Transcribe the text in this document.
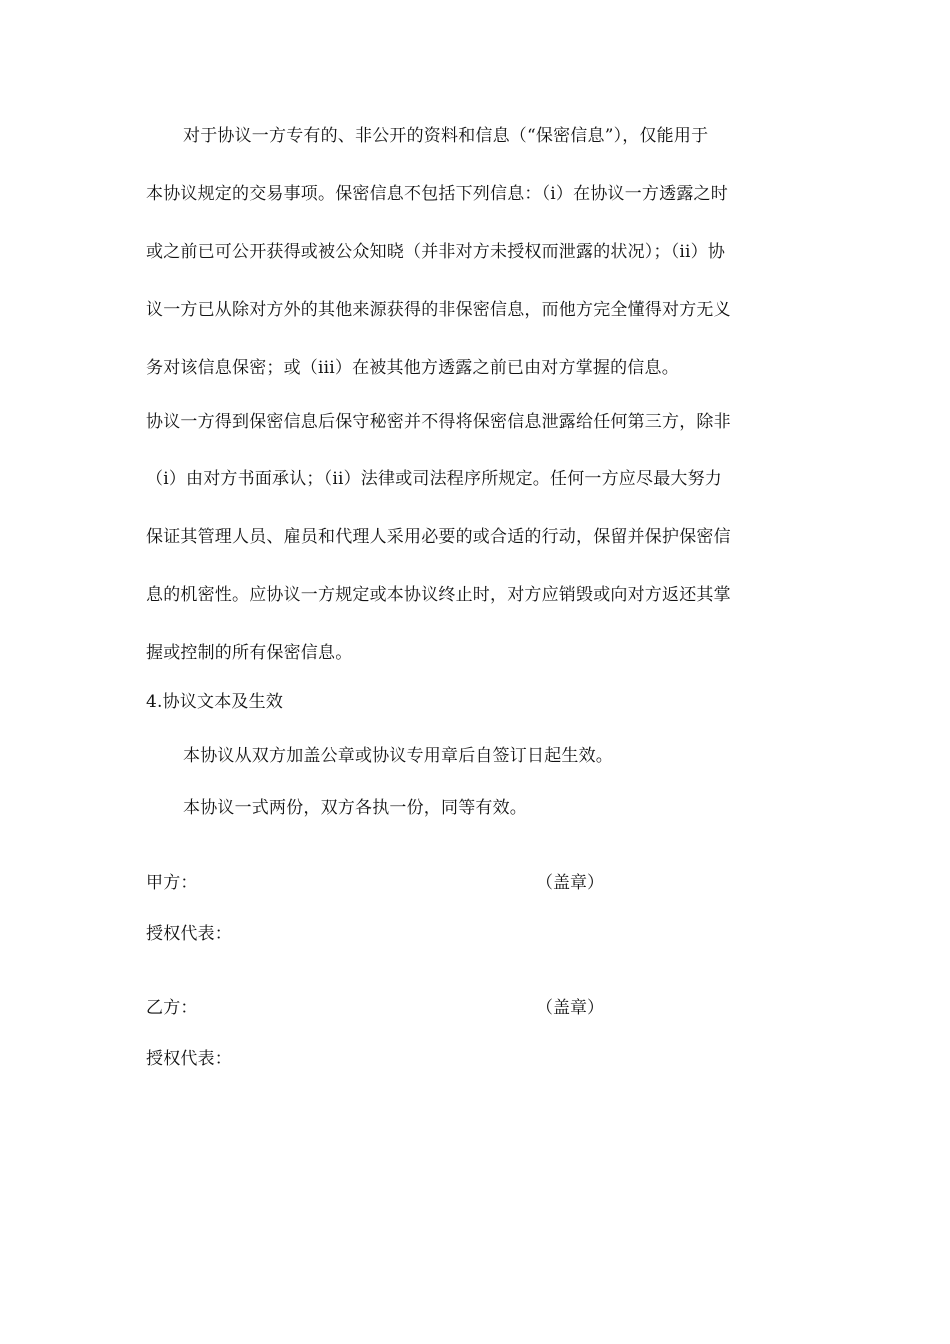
对于协议一方专有的、非公开的资料和信息（“保密信息”），仅能用于
本协议规定的交易事项。保密信息不包括下列信息：（i）在协议一方透露之时
或之前已可公开获得或被公众知晓（并非对方未授权而泄露的状况）；（ii）协
议一方已从除对方外的其他来源获得的非保密信息，而他方完全懂得对方无义
务对该信息保密；或（iii）在被其他方透露之前已由对方掌握的信息。
协议一方得到保密信息后保守秘密并不得将保密信息泄露给任何第三方，除非
（i）由对方书面承认；（ii）法律或司法程序所规定。任何一方应尽最大努力
保证其管理人员、雇员和代理人采用必要的或合适的行动，保留并保护保密信
息的机密性。应协议一方规定或本协议终止时，对方应销毁或向对方返还其掌
握或控制的所有保密信息。
4.协议文本及生效
本协议从双方加盖公章或协议专用章后自签订日起生效。
本协议一式两份，双方各执一份，同等有效。
甲方：	（盖章）
授权代表：
乙方：	（盖章）
授权代表：
